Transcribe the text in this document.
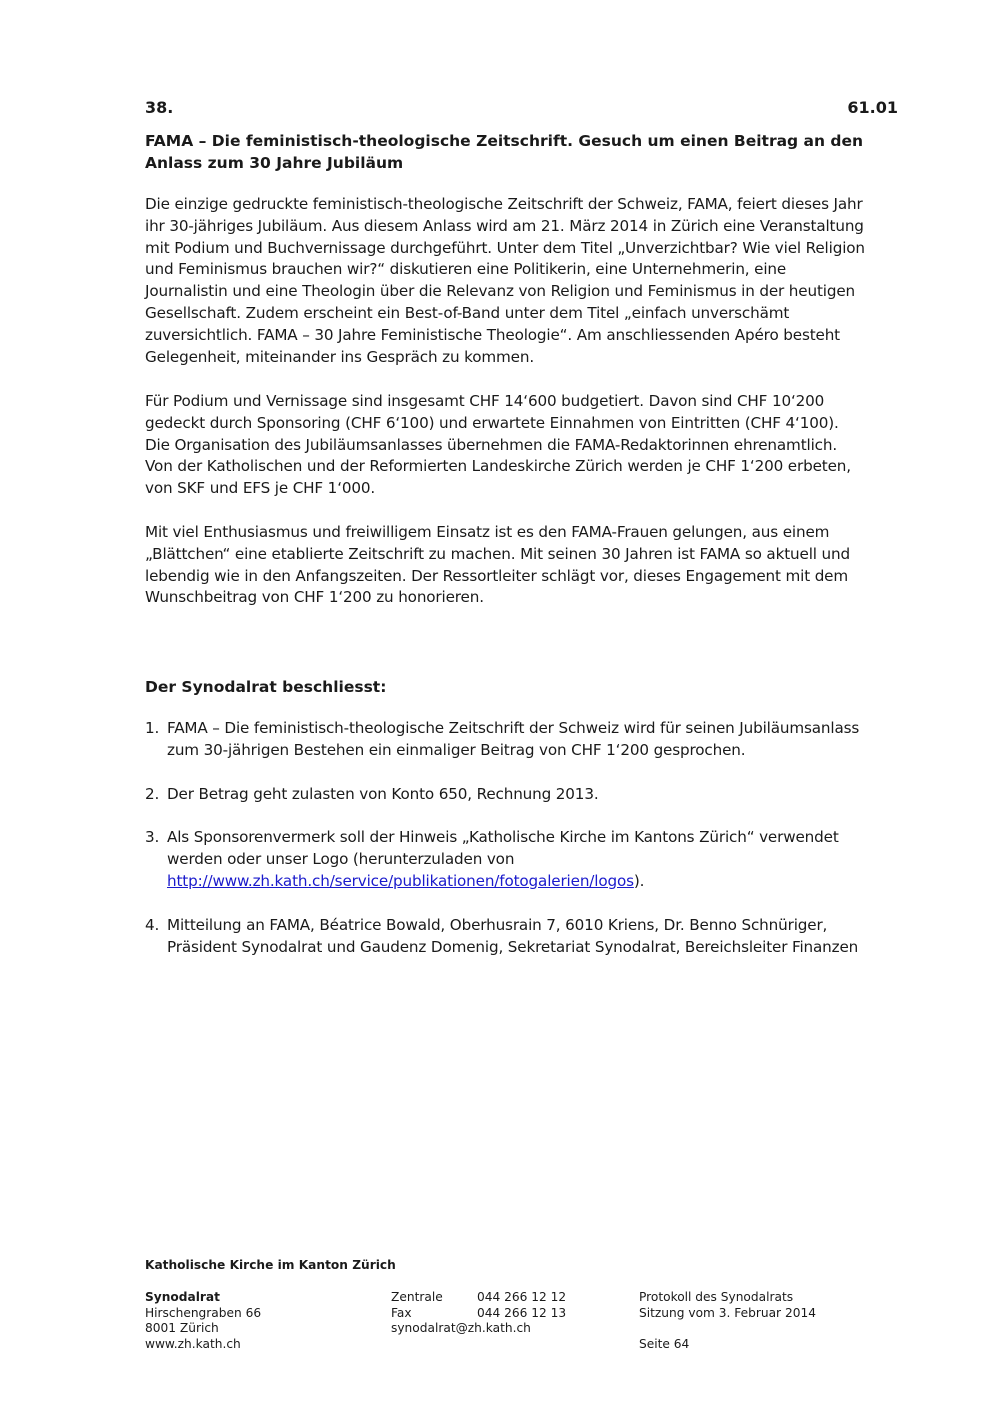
38.	61.01
FAMA – Die feministisch-theologische Zeitschrift. Gesuch um einen Beitrag an den Anlass zum 30 Jahre Jubiläum
Die einzige gedruckte feministisch-theologische Zeitschrift der Schweiz, FAMA, feiert dieses Jahr ihr 30-jähriges Jubiläum. Aus diesem Anlass wird am 21. März 2014 in Zürich eine Veranstaltung mit Podium und Buchvernissage durchgeführt. Unter dem Titel „Unverzichtbar? Wie viel Religion und Feminismus brauchen wir?“ diskutieren eine Politikerin, eine Unternehmerin, eine Journalistin und eine Theologin über die Relevanz von Religion und Feminismus in der heutigen Gesellschaft. Zudem erscheint ein Best-of-Band unter dem Titel „einfach unverschämt zuversichtlich. FAMA – 30 Jahre Feministische Theologie“. Am anschliessenden Apéro besteht Gelegenheit, miteinander ins Gespräch zu kommen.
Für Podium und Vernissage sind insgesamt CHF 14‘600 budgetiert. Davon sind CHF 10‘200 gedeckt durch Sponsoring (CHF 6‘100) und erwartete Einnahmen von Eintritten (CHF 4‘100). Die Organisation des Jubiläumsanlasses übernehmen die FAMA-Redaktorinnen ehrenamtlich. Von der Katholischen und der Reformierten Landeskirche Zürich werden je CHF 1‘200 erbeten, von SKF und EFS je CHF 1‘000.
Mit viel Enthusiasmus und freiwilligem Einsatz ist es den FAMA-Frauen gelungen, aus einem „Blättchen“ eine etablierte Zeitschrift zu machen. Mit seinen 30 Jahren ist FAMA so aktuell und lebendig wie in den Anfangszeiten. Der Ressortleiter schlägt vor, dieses Engagement mit dem Wunschbeitrag von CHF 1‘200 zu honorieren.
Der Synodalrat beschliesst:
1. FAMA – Die feministisch-theologische Zeitschrift der Schweiz wird für seinen Jubiläumsanlass zum 30-jährigen Bestehen ein einmaliger Beitrag von CHF 1‘200 gesprochen.
2. Der Betrag geht zulasten von Konto 650, Rechnung 2013.
3. Als Sponsorenvermerk soll der Hinweis „Katholische Kirche im Kantons Zürich“ verwendet werden oder unser Logo (herunterzuladen von
http://www.zh.kath.ch/service/publikationen/fotogalerien/logos).
4. Mitteilung an FAMA, Béatrice Bowald, Oberhusrain 7, 6010 Kriens, Dr. Benno Schnüriger, Präsident Synodalrat und Gaudenz Domenig, Sekretariat Synodalrat, Bereichsleiter Finanzen
Katholische Kirche im Kanton Zürich
Synodalrat
Hirschengraben 66
8001 Zürich
www.zh.kath.ch
Zentrale	044 266 12 12
Fax	044 266 12 13
synodalrat@zh.kath.ch
Protokoll des Synodalrats
Sitzung vom 3. Februar 2014
Seite 64
